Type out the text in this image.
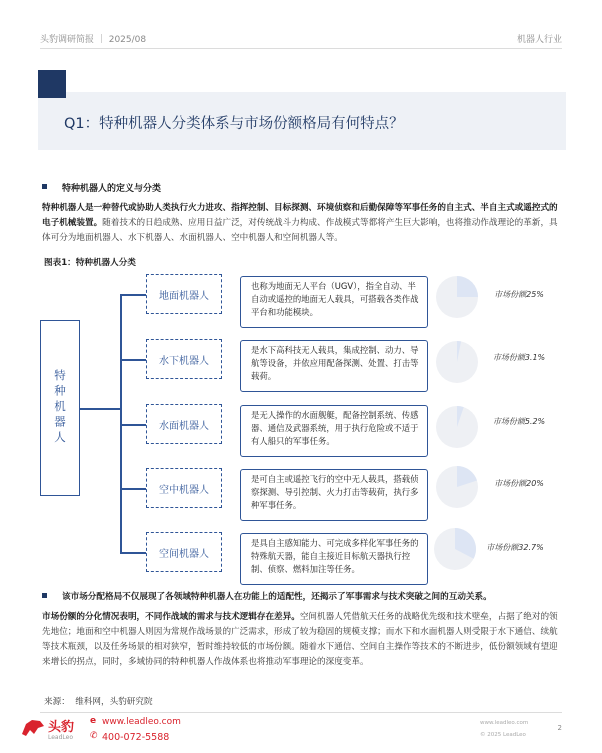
头豹调研简报 ｜ 2025/08	机器人行业
Q1：特种机器人分类体系与市场份额格局有何特点？
特种机器人的定义与分类
特种机器人是一种替代或协助人类执行火力进攻、指挥控制、目标探测、环境侦察和后勤保障等军事任务的自主式、半自主式或遥控式的电子机械装置。随着技术的日趋成熟、应用日益广泛，对传统战斗力构成、作战模式等都将产生巨大影响，也将推动作战理论的革新，具体可分为地面机器人、水下机器人、水面机器人、空中机器人和空间机器人等。
图表1：特种机器人分类
特种机器人
地面机器人
水下机器人
水面机器人
空中机器人
空间机器人
也称为地面无人平台（UGV），指全自动、半自动或遥控的地面无人载具，可搭载各类作战平台和功能模块。
是水下高科技无人载具，集成控制、动力、导航等设备，并依应用配备探测、处置、打击等载荷。
是无人操作的水面舰艇，配备控制系统、传感器、通信及武器系统，用于执行危险或不适于有人船只的军事任务。
是可自主或遥控飞行的空中无人载具，搭载侦察探测、导引控制、火力打击等载荷，执行多种军事任务。
是具自主感知能力、可完成多样化军事任务的特殊航天器，能自主接近目标航天器执行控制、侦察、燃料加注等任务。
市场份额25%
市场份额3.1%
市场份额5.2%
市场份额20%
市场份额32.7%
该市场分配格局不仅展现了各领域特种机器人在功能上的适配性，还揭示了军事需求与技术突破之间的互动关系。
市场份额的分化情况表明，不同作战域的需求与技术逻辑存在差异。空间机器人凭借航天任务的战略优先级和技术壁垒，占据了绝对的领先地位；地面和空中机器人则因为常规作战场景的广泛需求，形成了较为稳固的规模支撑；而水下和水面机器人则受限于水下通信、续航等技术瓶颈，以及任务场景的相对狭窄，暂时维持较低的市场份额。随着水下通信、空间自主操作等技术的不断进步，低份额领域有望迎来增长的拐点，同时，多域协同的特种机器人作战体系也将推动军事理论的深度变革。
来源：  维科网，头豹研究院
头豹
LeadLeo
e www.leadleo.com
✆ 400-072-5588
2
www.leadleo.com
© 2025 LeadLeo
